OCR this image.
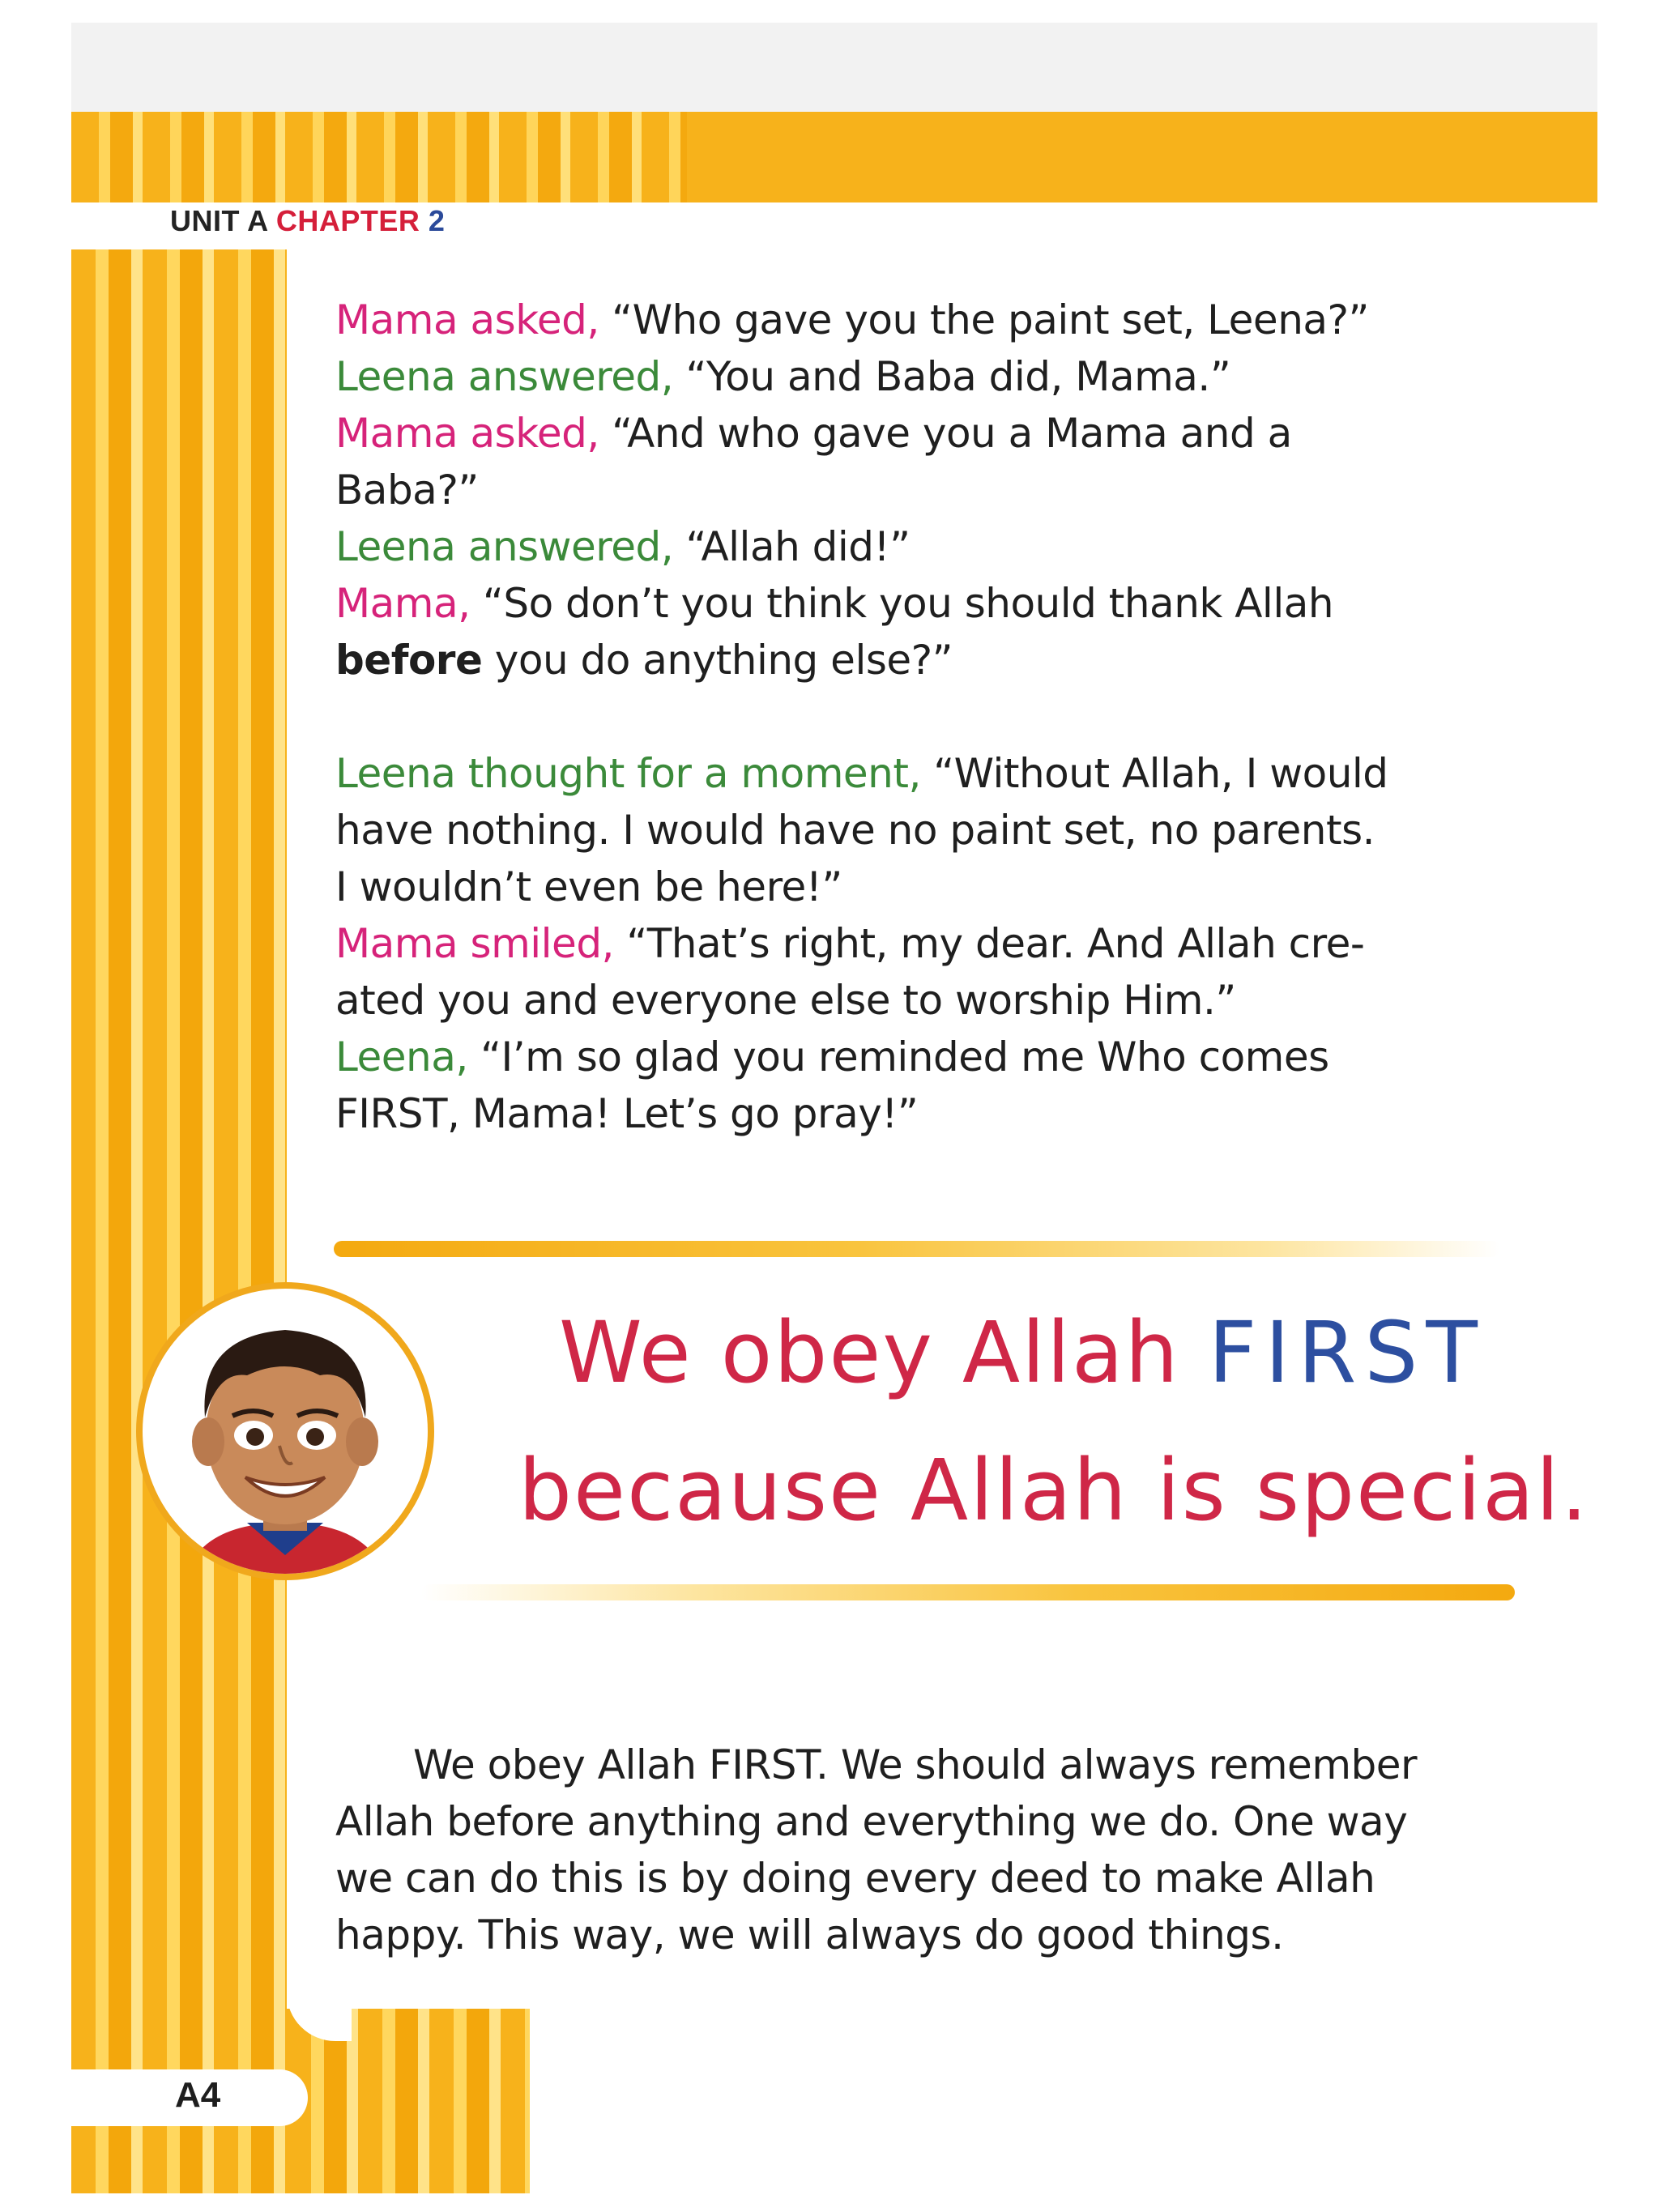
UNIT A CHAPTER 2
Mama asked, “Who gave you the paint set, Leena?”
Leena answered, “You and Baba did, Mama.”
Mama asked, “And who gave you a Mama and a
Baba?”
Leena answered, “Allah did!”
Mama, “So don’t you think you should thank Allah
before you do anything else?”
Leena thought for a moment, “Without Allah, I would
have nothing. I would have no paint set, no parents.
I wouldn’t even be here!”
Mama smiled, “That’s right, my dear. And Allah cre-
ated you and everyone else to worship Him.”
Leena, “I’m so glad you reminded me Who comes
FIRST, Mama! Let’s go pray!”
We obey Allah FIRST
because Allah is special.
We obey Allah FIRST. We should always remember
Allah before anything and everything we do. One way
we can do this is by doing every deed to make Allah
happy. This way, we will always do good things.
A4
